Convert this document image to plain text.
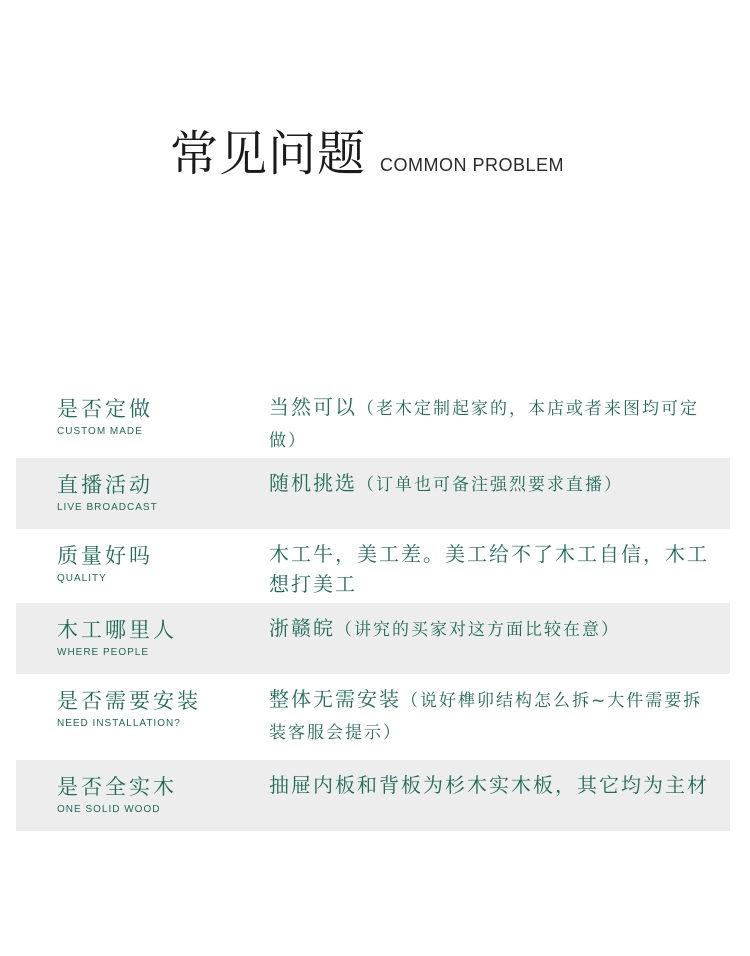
常见问题 COMMON PROBLEM
是否定做
CUSTOM MADE
当然可以（老木定制起家的，本店或者来图均可定做）
直播活动
LIVE BROADCAST
随机挑选（订单也可备注强烈要求直播）
质量好吗
QUALITY
木工牛，美工差。美工给不了木工自信，木工想打美工
木工哪里人
WHERE PEOPLE
浙赣皖（讲究的买家对这方面比较在意）
是否需要安装
NEED INSTALLATION?
整体无需安装（说好榫卯结构怎么拆~大件需要拆装客服会提示）
是否全实木
ONE SOLID WOOD
抽屉内板和背板为杉木实木板，其它均为主材
